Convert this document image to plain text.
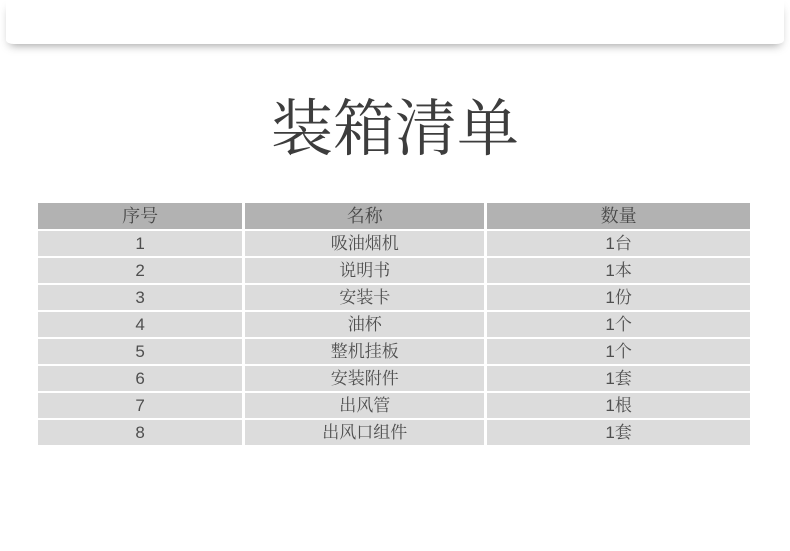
装箱清单
序号	名称	数量
1	吸油烟机	1台
2	说明书	1本
3	安装卡	1份
4	油杯	1个
5	整机挂板	1个
6	安装附件	1套
7	出风管	1根
8	出风口组件	1套
